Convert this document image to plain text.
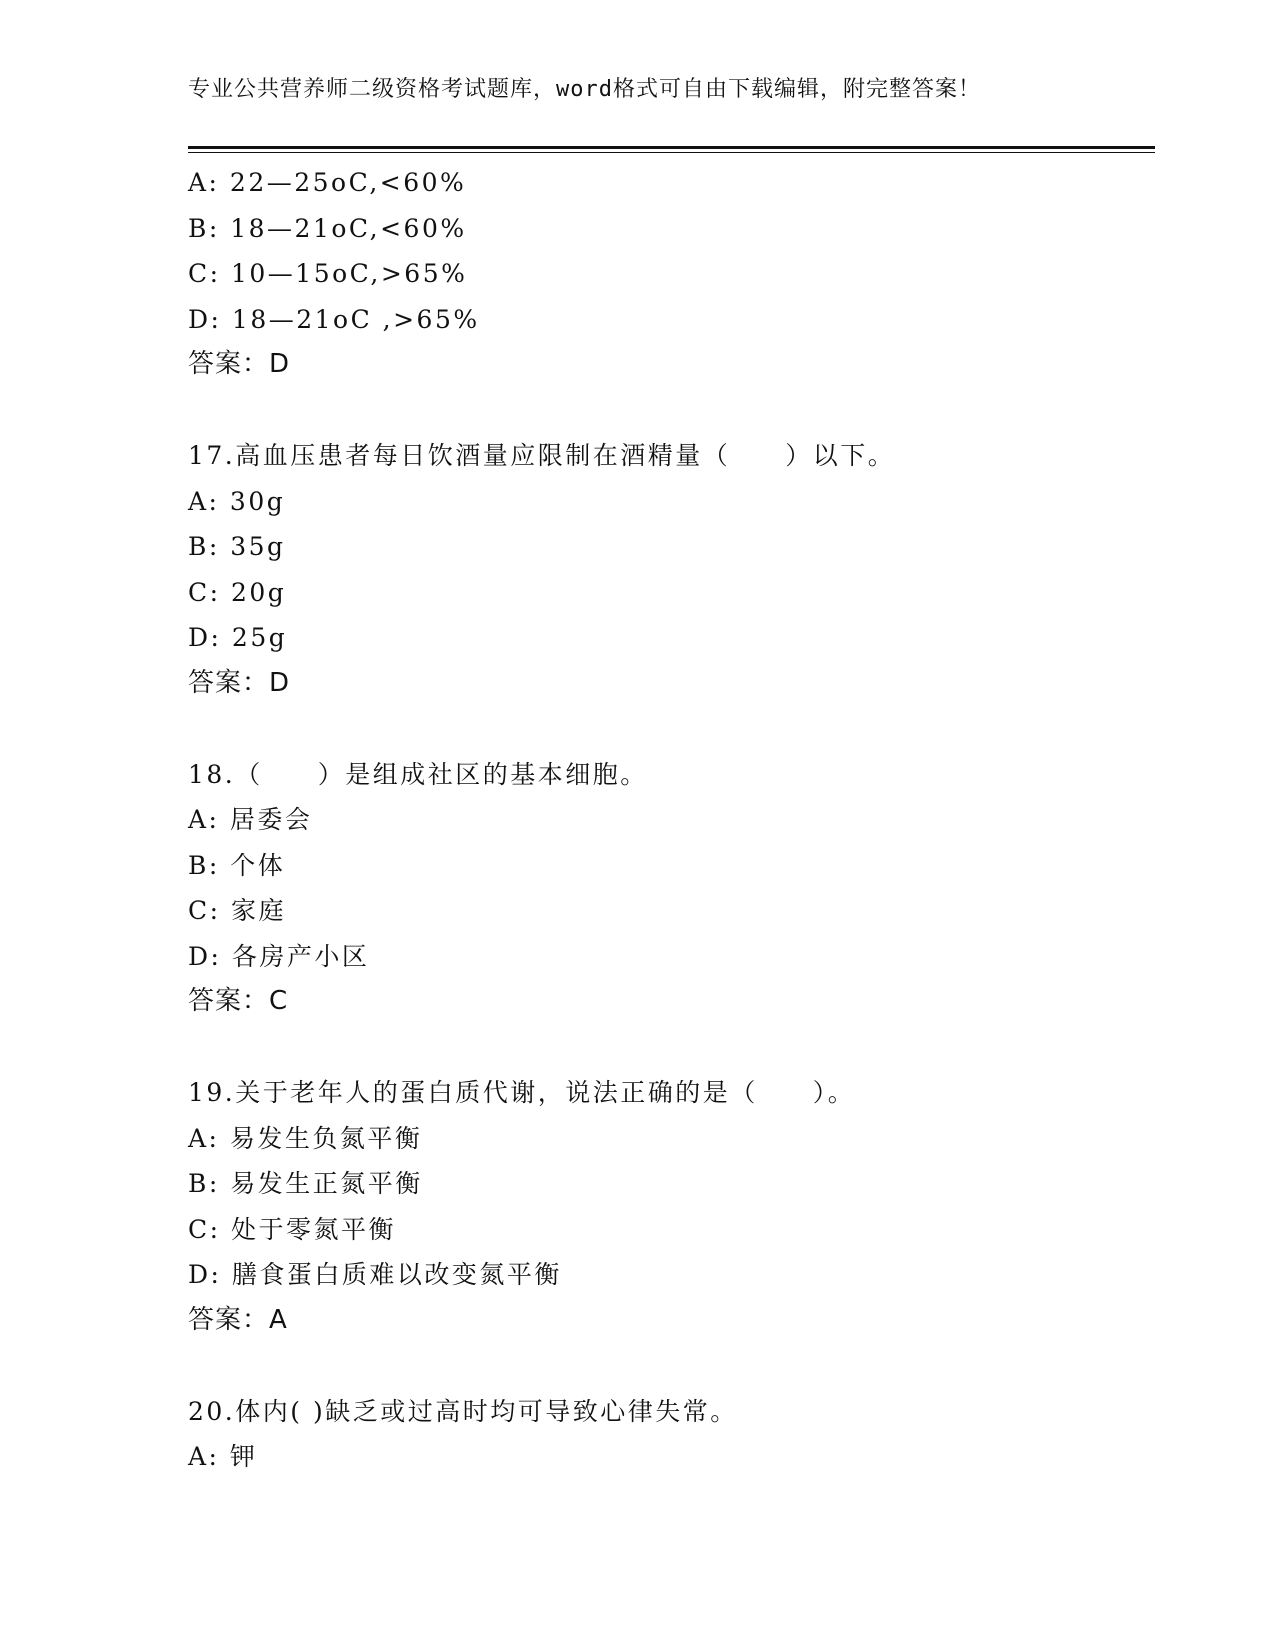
专业公共营养师二级资格考试题库，word格式可自由下载编辑，附完整答案！
A: 22—25oC,<60%
B: 18—21oC,<60%
C: 10—15oC,>65%
D: 18—21oC ,>65%
答案：D
17.高血压患者每日饮酒量应限制在酒精量（　　）以下。
A: 30g
B: 35g
C: 20g
D: 25g
答案：D
18.（　　）是组成社区的基本细胞。
A: 居委会
B: 个体
C: 家庭
D: 各房产小区
答案：C
19.关于老年人的蛋白质代谢，说法正确的是（　　）。
A: 易发生负氮平衡
B: 易发生正氮平衡
C: 处于零氮平衡
D: 膳食蛋白质难以改变氮平衡
答案：A
20.体内( )缺乏或过高时均可导致心律失常。
A: 钾
